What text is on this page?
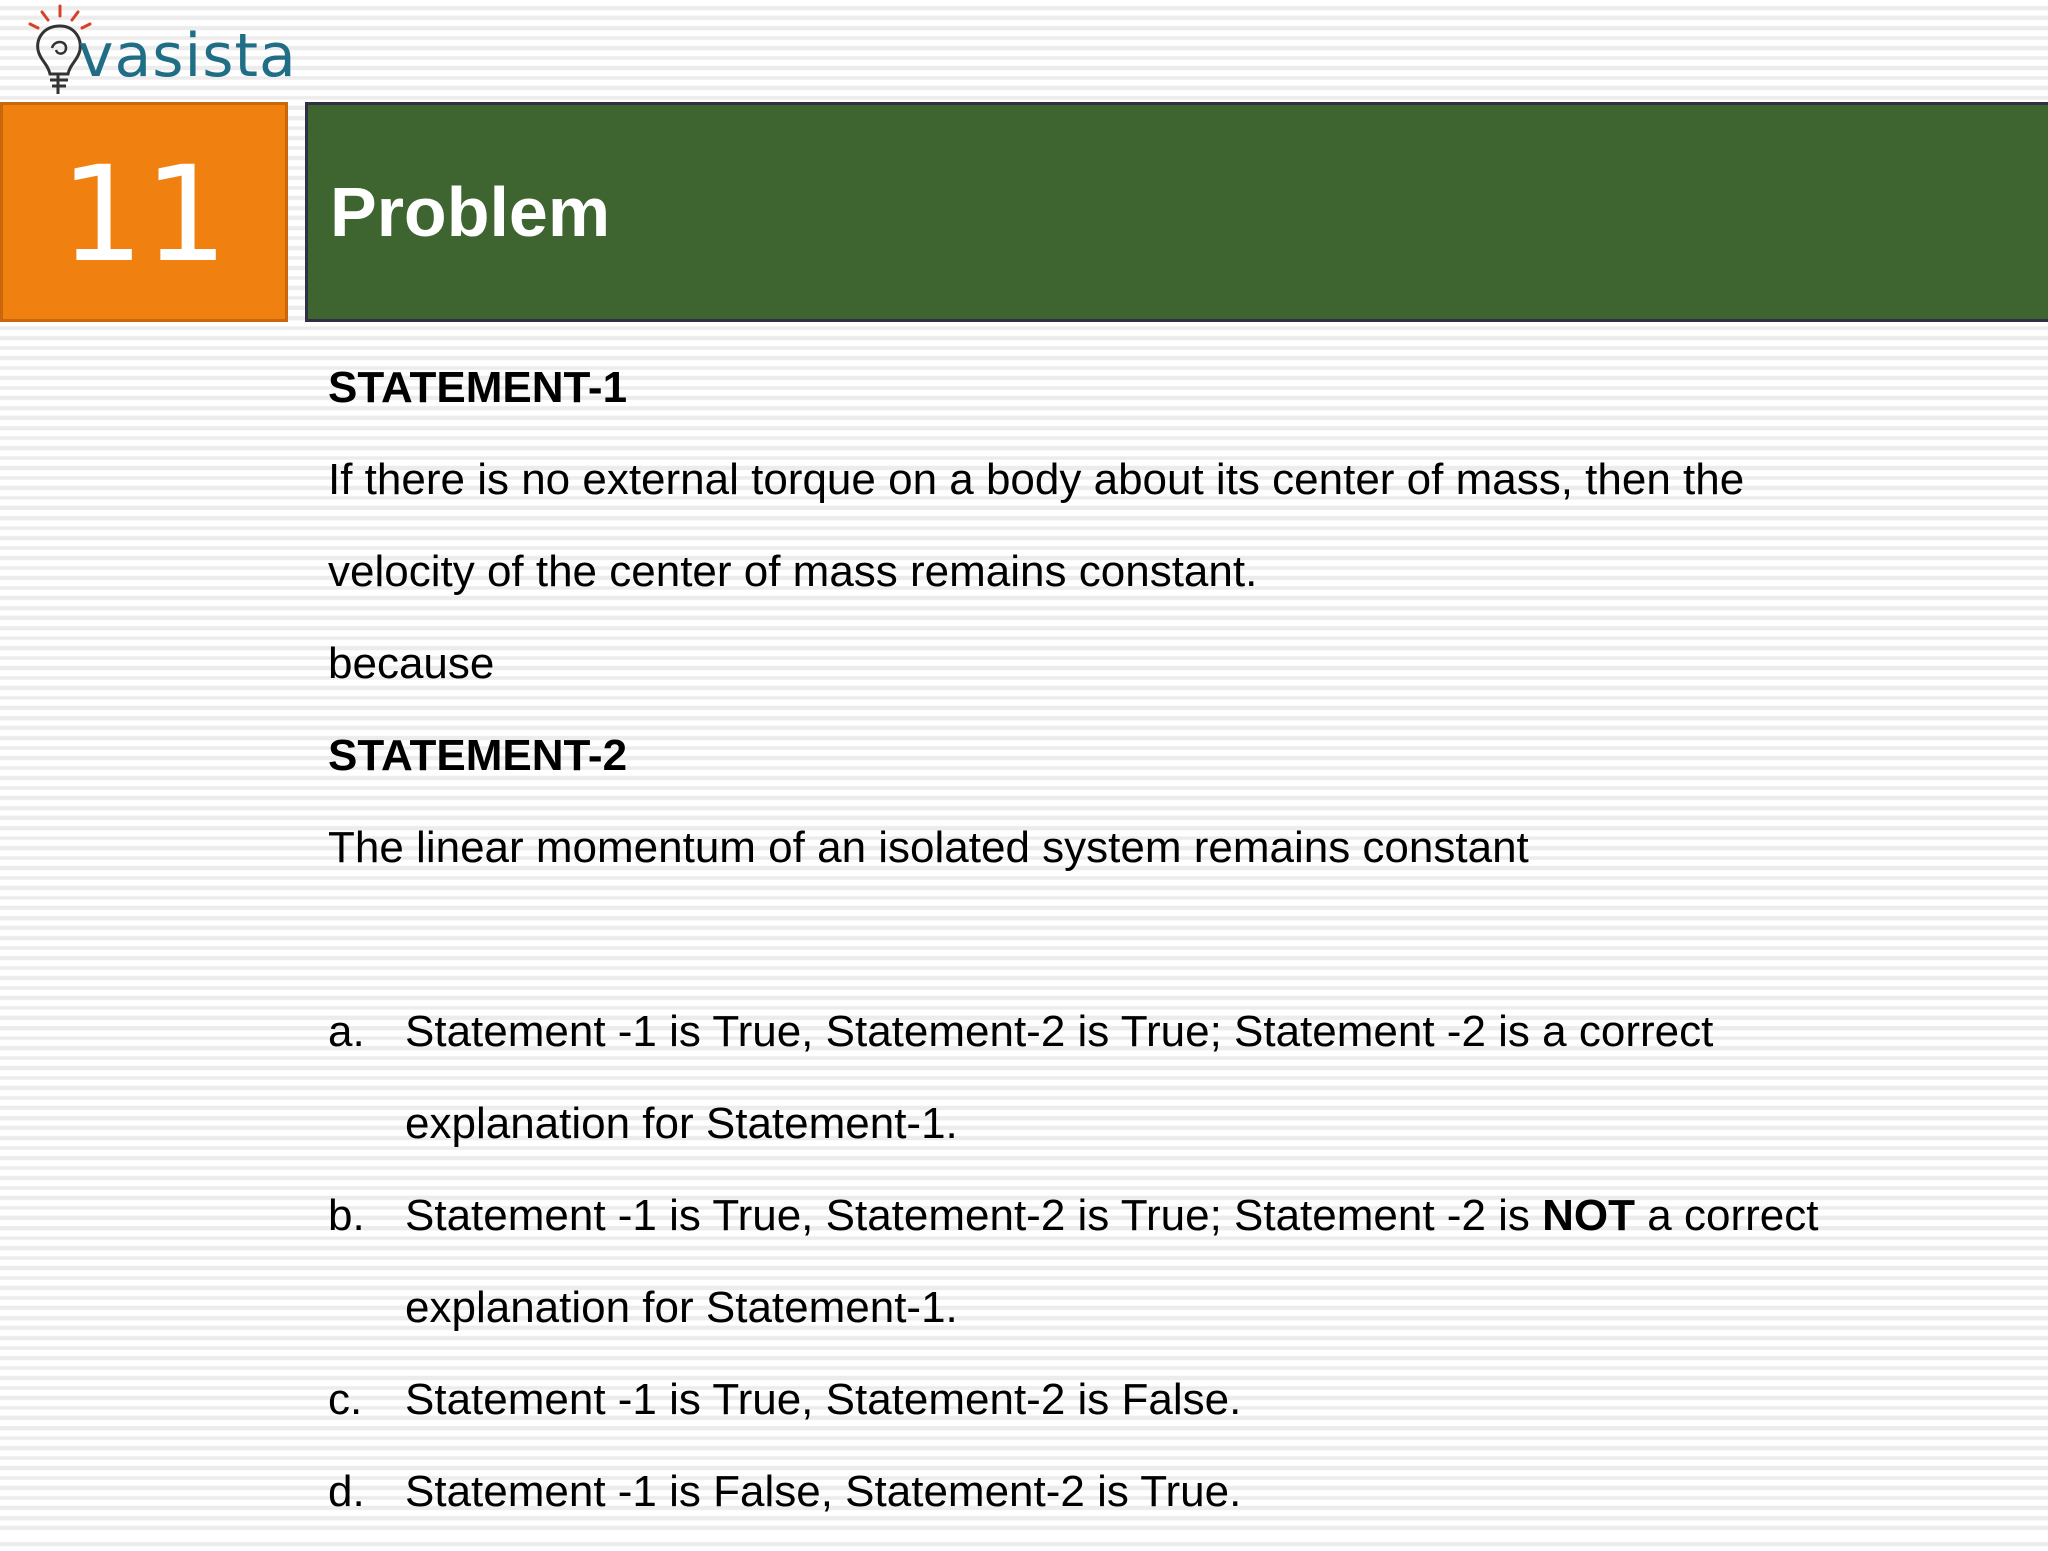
vasista
11 Problem
STATEMENT-1
If there is no external torque on a body about its center of mass, then the
velocity of the center of mass remains constant.
because
STATEMENT-2
The linear momentum of an isolated system remains constant
a. Statement -1 is True, Statement-2 is True; Statement -2 is a correct
explanation for Statement-1.
b. Statement -1 is True, Statement-2 is True; Statement -2 is NOT a correct
explanation for Statement-1.
c. Statement -1 is True, Statement-2 is False.
d. Statement -1 is False, Statement-2 is True.
